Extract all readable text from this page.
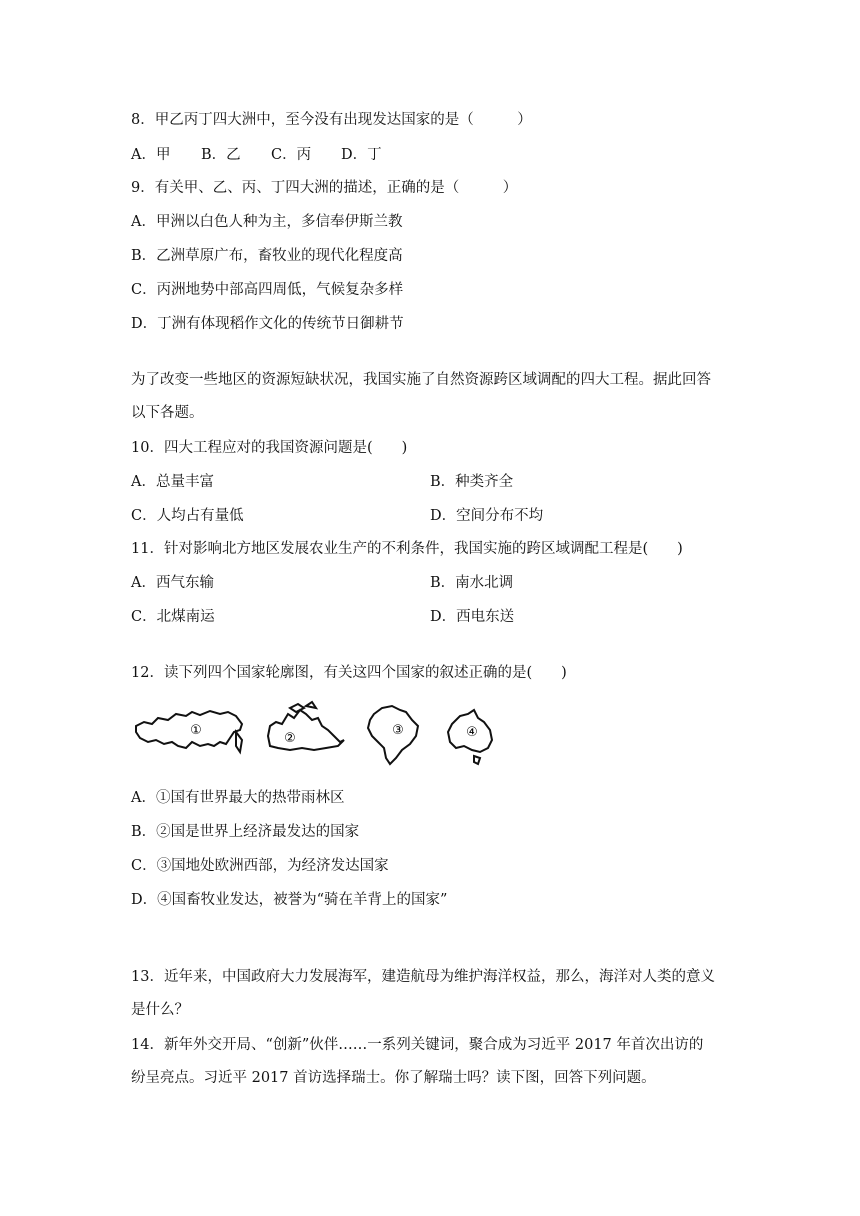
8．甲乙丙丁四大洲中，至今没有出现发达国家的是（　　　）
A．甲 B．乙 C．丙 D．丁
9．有关甲、乙、丙、丁四大洲的描述，正确的是（　　　）
A．甲洲以白色人种为主，多信奉伊斯兰教
B．乙洲草原广布，畜牧业的现代化程度高
C．丙洲地势中部高四周低，气候复杂多样
D．丁洲有体现稻作文化的传统节日御耕节
为了改变一些地区的资源短缺状况，我国实施了自然资源跨区域调配的四大工程。据此回答
以下各题。
10．四大工程应对的我国资源问题是(　　)
A．总量丰富	B．种类齐全
C．人均占有量低	D．空间分布不均
11．针对影响北方地区发展农业生产的不利条件，我国实施的跨区域调配工程是(　　)
A．西气东输	B．南水北调
C．北煤南运	D．西电东送
12．读下列四个国家轮廓图，有关这四个国家的叙述正确的是(　　)
①
②
③	④
A．①国有世界最大的热带雨林区
B．②国是世界上经济最发达的国家
C．③国地处欧洲西部，为经济发达国家
D．④国畜牧业发达，被誉为“骑在羊背上的国家”
13．近年来，中国政府大力发展海军，建造航母为维护海洋权益，那么，海洋对人类的意义
是什么？
14．新年外交开局、“创新”伙伴……一系列关键词，聚合成为习近平 2017 年首次出访的
纷呈亮点。习近平 2017 首访选择瑞士。你了解瑞士吗？读下图，回答下列问题。
